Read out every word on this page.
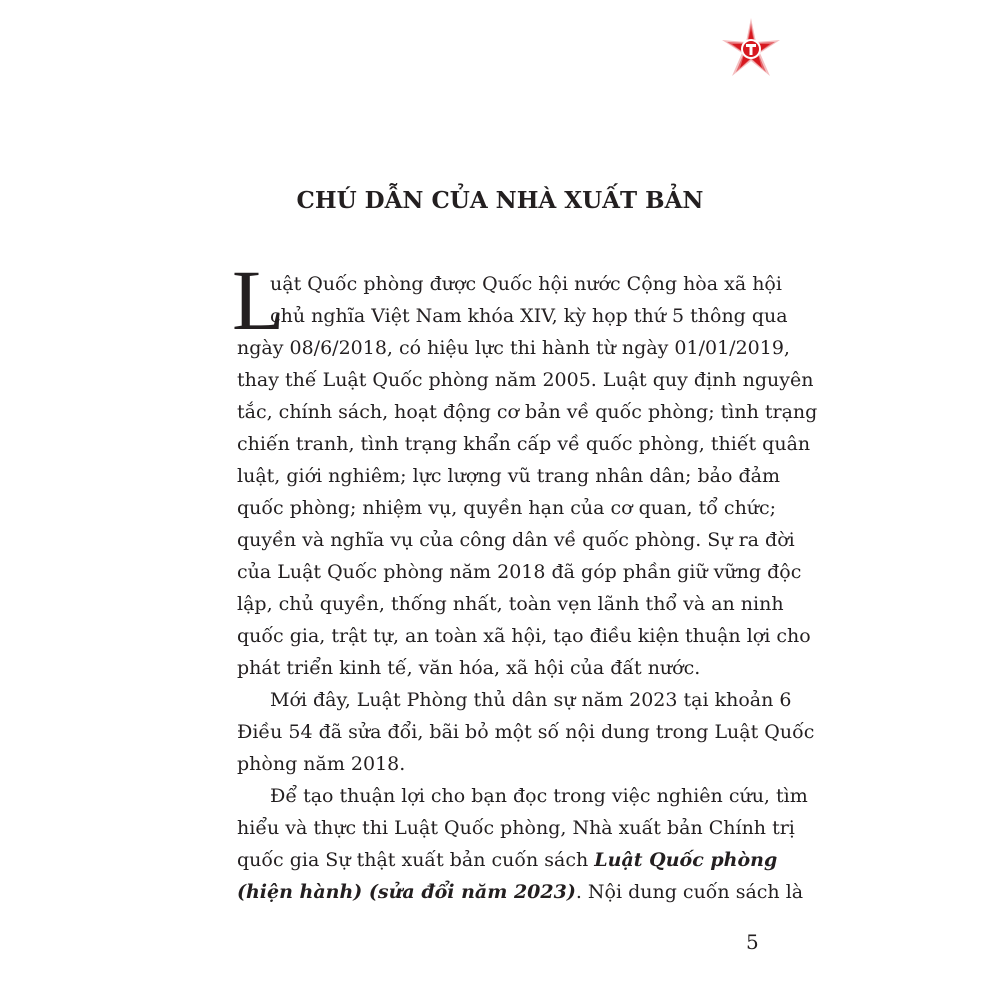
CHÚ DẪN CỦA NHÀ XUẤT BẢN
L
uật Quốc phòng được Quốc hội nước Cộng hòa xã hội
chủ nghĩa Việt Nam khóa XIV, kỳ họp thứ 5 thông qua
ngày 08/6/2018, có hiệu lực thi hành từ ngày 01/01/2019,
thay thế Luật Quốc phòng năm 2005. Luật quy định nguyên
tắc, chính sách, hoạt động cơ bản về quốc phòng; tình trạng
chiến tranh, tình trạng khẩn cấp về quốc phòng, thiết quân
luật, giới nghiêm; lực lượng vũ trang nhân dân; bảo đảm
quốc phòng; nhiệm vụ, quyền hạn của cơ quan, tổ chức;
quyền và nghĩa vụ của công dân về quốc phòng. Sự ra đời
của Luật Quốc phòng năm 2018 đã góp phần giữ vững độc
lập, chủ quyền, thống nhất, toàn vẹn lãnh thổ và an ninh
quốc gia, trật tự, an toàn xã hội, tạo điều kiện thuận lợi cho
phát triển kinh tế, văn hóa, xã hội của đất nước.
Mới đây, Luật Phòng thủ dân sự năm 2023 tại khoản 6
Điều 54 đã sửa đổi, bãi bỏ một số nội dung trong Luật Quốc
phòng năm 2018.
Để tạo thuận lợi cho bạn đọc trong việc nghiên cứu, tìm
hiểu và thực thi Luật Quốc phòng, Nhà xuất bản Chính trị
quốc gia Sự thật xuất bản cuốn sách Luật Quốc phòng
(hiện hành) (sửa đổi năm 2023). Nội dung cuốn sách là
5
